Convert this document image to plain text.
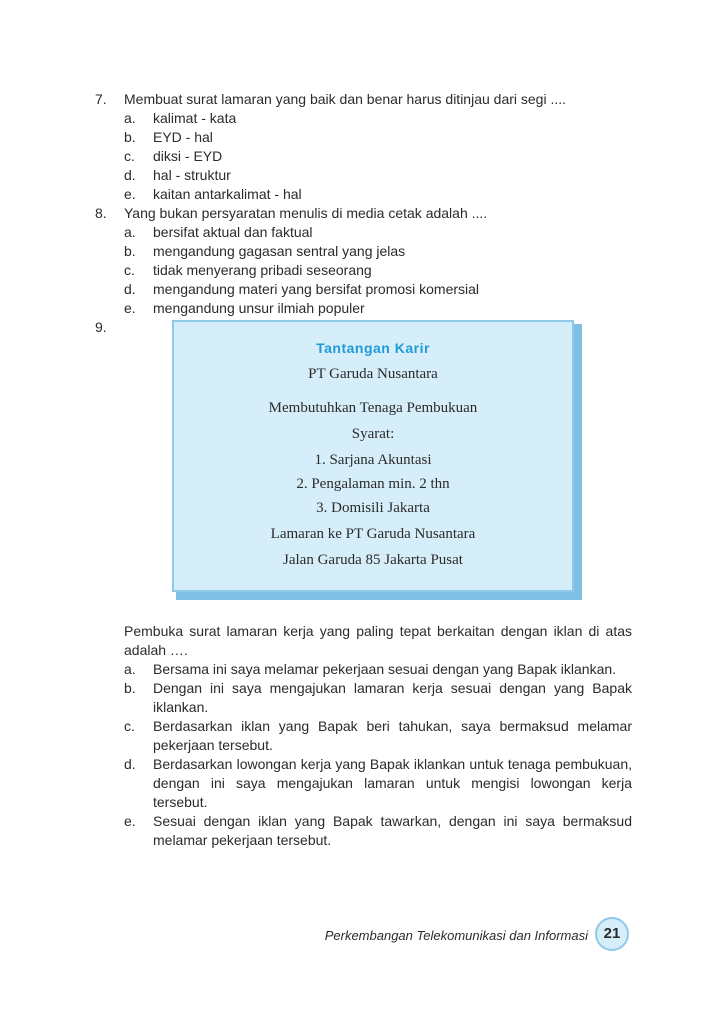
7. Membuat surat lamaran yang baik dan benar harus ditinjau dari segi ....
a. kalimat - kata
b. EYD - hal
c. diksi - EYD
d. hal - struktur
e. kaitan antarkalimat - hal
8. Yang bukan persyaratan menulis di media cetak adalah ....
a. bersifat aktual dan faktual
b. mengandung gagasan sentral yang jelas
c. tidak menyerang pribadi seseorang
d. mengandung materi yang bersifat promosi komersial
e. mengandung unsur ilmiah populer
9.
Tantangan Karir
PT Garuda Nusantara
Membutuhkan Tenaga Pembukuan
Syarat:
1. Sarjana Akuntasi
2. Pengalaman min. 2 thn
3. Domisili Jakarta
Lamaran ke PT Garuda Nusantara
Jalan Garuda 85 Jakarta Pusat
Pembuka surat lamaran kerja yang paling tepat berkaitan dengan iklan di atas adalah ….
a. Bersama ini saya melamar pekerjaan sesuai dengan yang Bapak iklankan.
b. Dengan ini saya mengajukan lamaran kerja sesuai dengan yang Bapak iklankan.
c. Berdasarkan iklan yang Bapak beri tahukan, saya bermaksud melamar pekerjaan tersebut.
d. Berdasarkan lowongan kerja yang Bapak iklankan untuk tenaga pembukuan, dengan ini saya mengajukan lamaran untuk mengisi lowongan kerja tersebut.
e. Sesuai dengan iklan yang Bapak tawarkan, dengan ini saya bermaksud melamar pekerjaan tersebut.
Perkembangan Telekomunikasi dan Informasi	21
